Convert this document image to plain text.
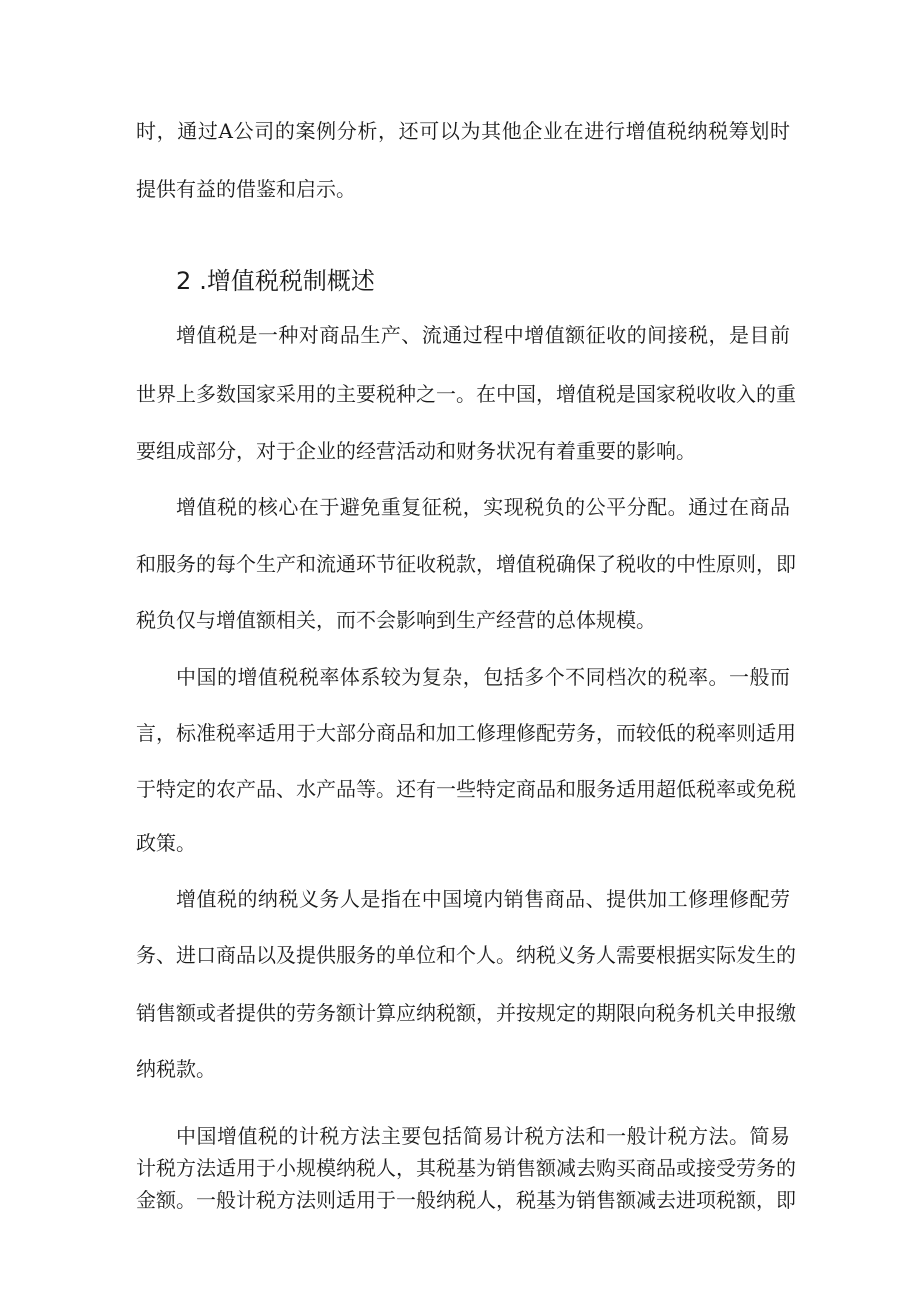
时，通过A公司的案例分析，还可以为其他企业在进行增值税纳税筹划时
提供有益的借鉴和启示。
2.增值税税制概述
增值税是一种对商品生产、流通过程中增值额征收的间接税，是目前
世界上多数国家采用的主要税种之一。在中国，增值税是国家税收收入的重
要组成部分，对于企业的经营活动和财务状况有着重要的影响。
增值税的核心在于避免重复征税，实现税负的公平分配。通过在商品
和服务的每个生产和流通环节征收税款，增值税确保了税收的中性原则，即
税负仅与增值额相关，而不会影响到生产经营的总体规模。
中国的增值税税率体系较为复杂，包括多个不同档次的税率。一般而
言，标准税率适用于大部分商品和加工修理修配劳务，而较低的税率则适用
于特定的农产品、水产品等。还有一些特定商品和服务适用超低税率或免税
政策。
增值税的纳税义务人是指在中国境内销售商品、提供加工修理修配劳
务、进口商品以及提供服务的单位和个人。纳税义务人需要根据实际发生的
销售额或者提供的劳务额计算应纳税额，并按规定的期限向税务机关申报缴
纳税款。
中国增值税的计税方法主要包括简易计税方法和一般计税方法。简易
计税方法适用于小规模纳税人，其税基为销售额减去购买商品或接受劳务的
金额。一般计税方法则适用于一般纳税人，税基为销售额减去进项税额，即
